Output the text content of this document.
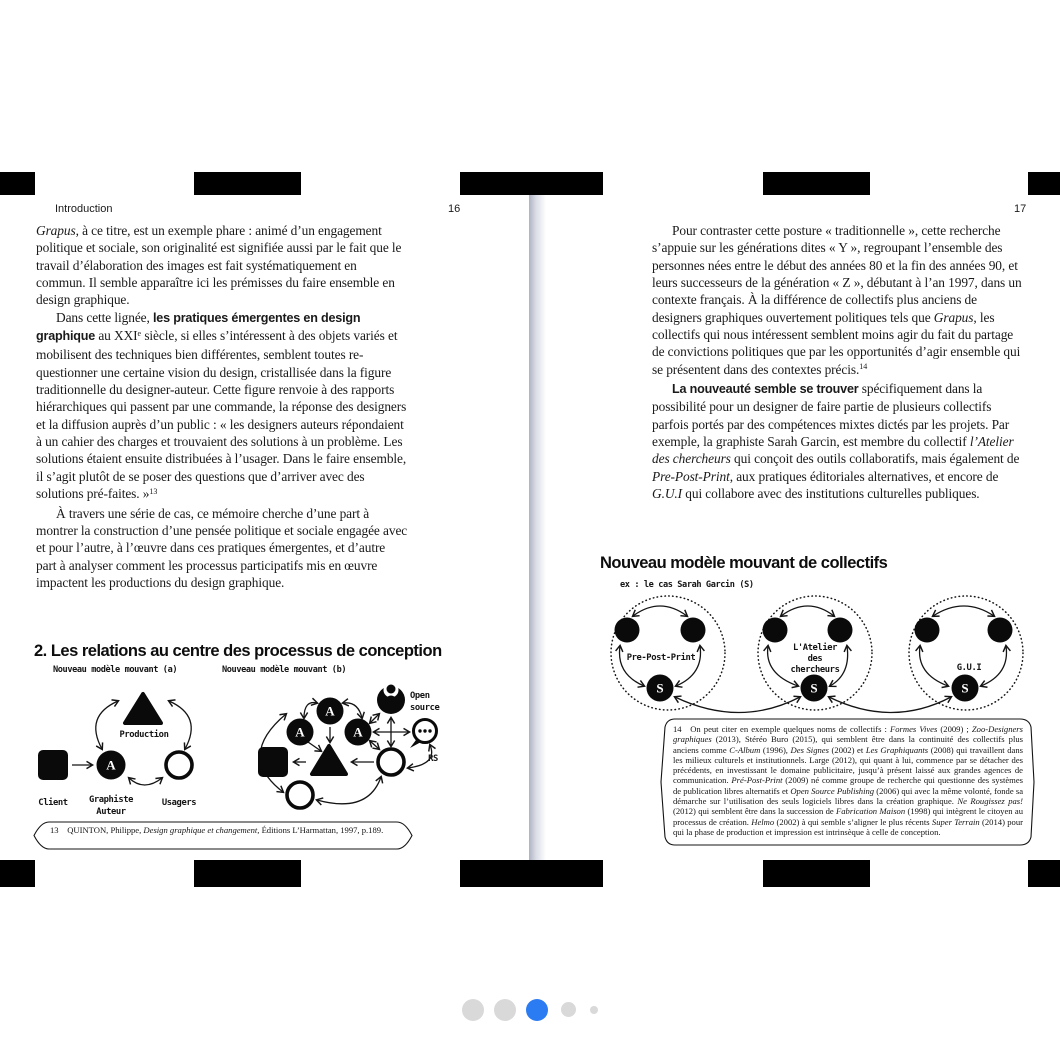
Introduction	16

Grapus, à ce titre, est un exemple phare : animé d’un engagement politique et sociale, son originalité est signifiée aussi par le fait que le travail d’élaboration des images est fait systématiquement en commun. Il semble apparaître ici les prémisses du faire ensemble en design graphique.

Dans cette lignée, les pratiques émergentes en design graphique au XXIe siècle, si elles s’intéressent à des objets variés et mobilisent des techniques bien différentes, semblent toutes re-questionner une certaine vision du design, cristallisée dans la figure traditionnelle du designer-auteur. Cette figure renvoie à des rapports hiérarchiques qui passent par une commande, la réponse des designers et la diffusion auprès d’un public : « les designers auteurs répondaient à un cahier des charges et trouvaient des solutions à un problème. Les solutions étaient ensuite distribuées à l’usager. Dans le faire ensemble, il s’agit plutôt de se poser des questions que d’arriver avec des solutions pré-faites. »$^{13}$

À travers une série de cas, ce mémoire cherche d’une part à montrer la construction d’une pensée politique et sociale engagée avec et pour l’autre, à l’œuvre dans ces pratiques émergentes, et d’autre part à analyser comment les processus participatifs mis en œuvre impactent les productions du design graphique.

2. Les relations au centre des processus de conception
Nouveau modèle mouvant (a)	Nouveau modèle mouvant (b)
A
Client Graphiste
Auteur
Production
Usagers
A
A	A
Open
source
RS
13  QUINTON, Philippe, Design graphique et changement, Éditions L’Harmattan, 1997, p.189.
17

Pour contraster cette posture « traditionnelle », cette recherche s’appuie sur les générations dites « Y », regroupant l’ensemble des personnes nées entre le début des années 80 et la fin des années 90, et leurs successeurs de la génération « Z », débutant à l’an 1997, dans un contexte français. À la différence de collectifs plus anciens de designers graphiques ouvertement politiques tels que Grapus, les collectifs qui nous intéressent semblent moins agir du fait du partage de convictions politiques que par les opportunités d’agir ensemble qui se présentent dans des contextes précis.$^{14}$

La nouveauté semble se trouver spécifiquement dans la possibilité pour un designer de faire partie de plusieurs collectifs parfois portés par des compétences mixtes dictés par les projets. Par exemple, la graphiste Sarah Garcin, est membre du collectif l’Atelier des chercheurs qui conçoit des outils collaboratifs, mais également de Pre-Post-Print, aux pratiques éditoriales alternatives, et encore de G.U.I qui collabore avec des institutions culturelles publiques.

Nouveau modèle mouvant de collectifs
ex : le cas Sarah Garcin (S)
S	S	S
Pre-Post-Print
L'Atelier
des
chercheurs	G.U.I
14  On peut citer en exemple quelques noms de collectifs : Formes Vives (2009) ; Zoo-Designers graphiques (2013), Stéréo Buro (2015), qui semblent être dans la continuité des collectifs plus anciens comme C-Album (1996), Des Signes (2002) et Les Graphiquants (2008) qui travaillent dans les milieux culturels et institutionnels. Large (2012), qui quant à lui, commence par se détacher des précédents, en investissant le domaine publicitaire, jusqu’à présent laissé aux grandes agences de communication. Pré-Post-Print (2009) né comme groupe de recherche qui questionne des systèmes de publication libres alternatifs et Open Source Publishing (2006) qui avec la même volonté, fonde sa démarche sur l’utilisation des seuls logiciels libres dans la création graphique. Ne Rougissez pas! (2012) qui semblent être dans la succession de Fabrication Maison (1998) qui intègrent le citoyen au processus de création. Helmo (2002) à qui semble s’aligner le plus récents Super Terrain (2014) pour qui la phase de production et impression est intrinsèque à celle de conception.
